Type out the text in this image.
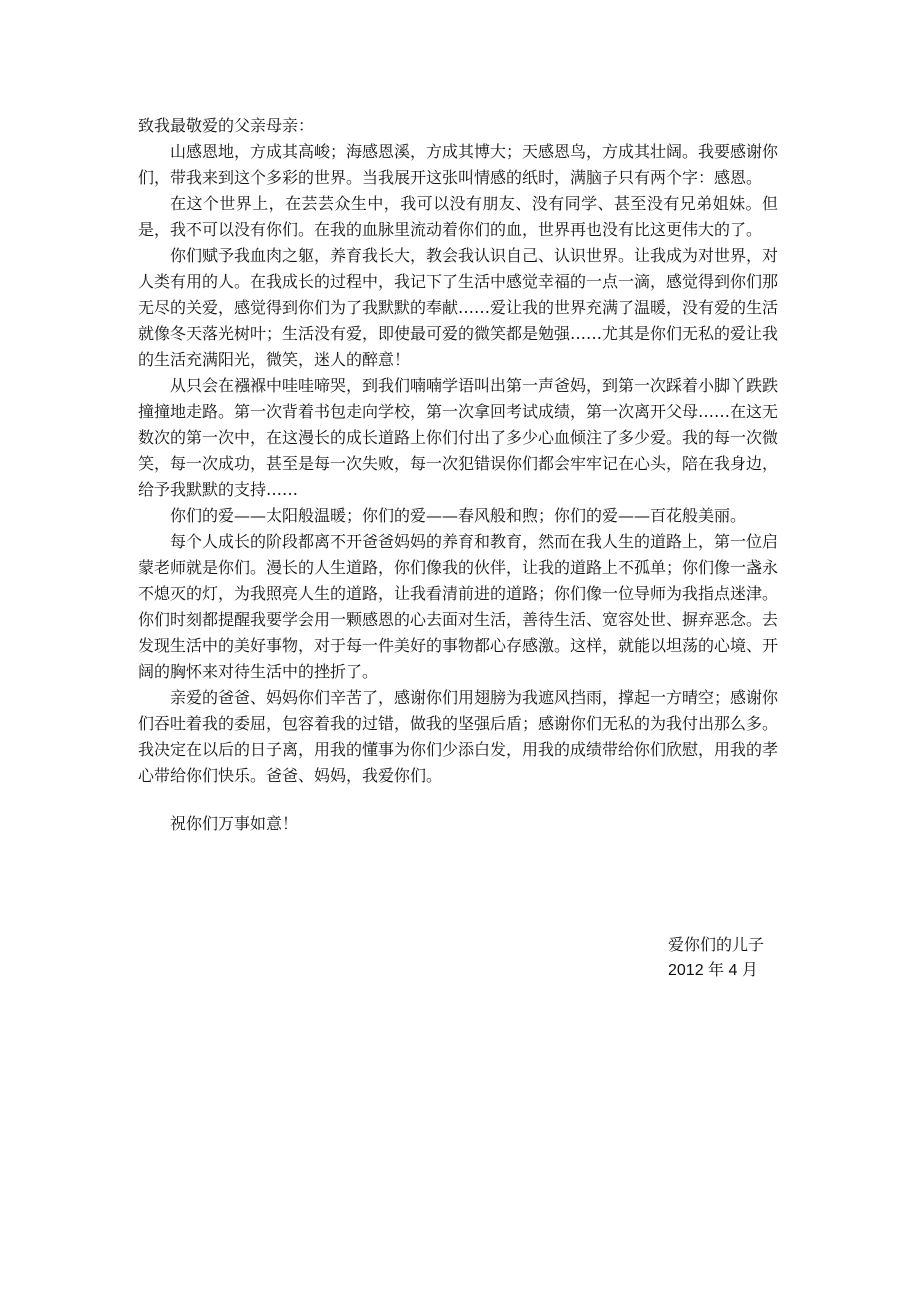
致我最敬爱的父亲母亲：

山感恩地，方成其高峻；海感恩溪，方成其博大；天感恩鸟，方成其壮阔。我要感谢你们，带我来到这个多彩的世界。当我展开这张叫情感的纸时，满脑子只有两个字：感恩。

在这个世界上，在芸芸众生中，我可以没有朋友、没有同学、甚至没有兄弟姐妹。但是，我不可以没有你们。在我的血脉里流动着你们的血，世界再也没有比这更伟大的了。

你们赋予我血肉之躯，养育我长大，教会我认识自己、认识世界。让我成为对世界，对人类有用的人。在我成长的过程中，我记下了生活中感觉幸福的一点一滴，感觉得到你们那无尽的关爱，感觉得到你们为了我默默的奉献……爱让我的世界充满了温暖，没有爱的生活就像冬天落光树叶；生活没有爱，即使最可爱的微笑都是勉强……尤其是你们无私的爱让我的生活充满阳光，微笑，迷人的醉意！

从只会在襁褓中哇哇啼哭，到我们喃喃学语叫出第一声爸妈，到第一次踩着小脚丫跌跌撞撞地走路。第一次背着书包走向学校，第一次拿回考试成绩，第一次离开父母……在这无数次的第一次中，在这漫长的成长道路上你们付出了多少心血倾注了多少爱。我的每一次微笑，每一次成功，甚至是每一次失败，每一次犯错误你们都会牢牢记在心头，陪在我身边，给予我默默的支持……

你们的爱——太阳般温暖；你们的爱——春风般和煦；你们的爱——百花般美丽。

每个人成长的阶段都离不开爸爸妈妈的养育和教育，然而在我人生的道路上，第一位启蒙老师就是你们。漫长的人生道路，你们像我的伙伴，让我的道路上不孤单；你们像一盏永不熄灭的灯，为我照亮人生的道路，让我看清前进的道路；你们像一位导师为我指点迷津。你们时刻都提醒我要学会用一颗感恩的心去面对生活，善待生活、宽容处世、摒弃恶念。去发现生活中的美好事物，对于每一件美好的事物都心存感激。这样，就能以坦荡的心境、开阔的胸怀来对待生活中的挫折了。

亲爱的爸爸、妈妈你们辛苦了，感谢你们用翅膀为我遮风挡雨，撑起一方晴空；感谢你们吞吐着我的委屈，包容着我的过错，做我的坚强后盾；感谢你们无私的为我付出那么多。我决定在以后的日子离，用我的懂事为你们少添白发，用我的成绩带给你们欣慰，用我的孝心带给你们快乐。爸爸、妈妈，我爱你们。

祝你们万事如意！

爱你们的儿子
2012 年 4 月
